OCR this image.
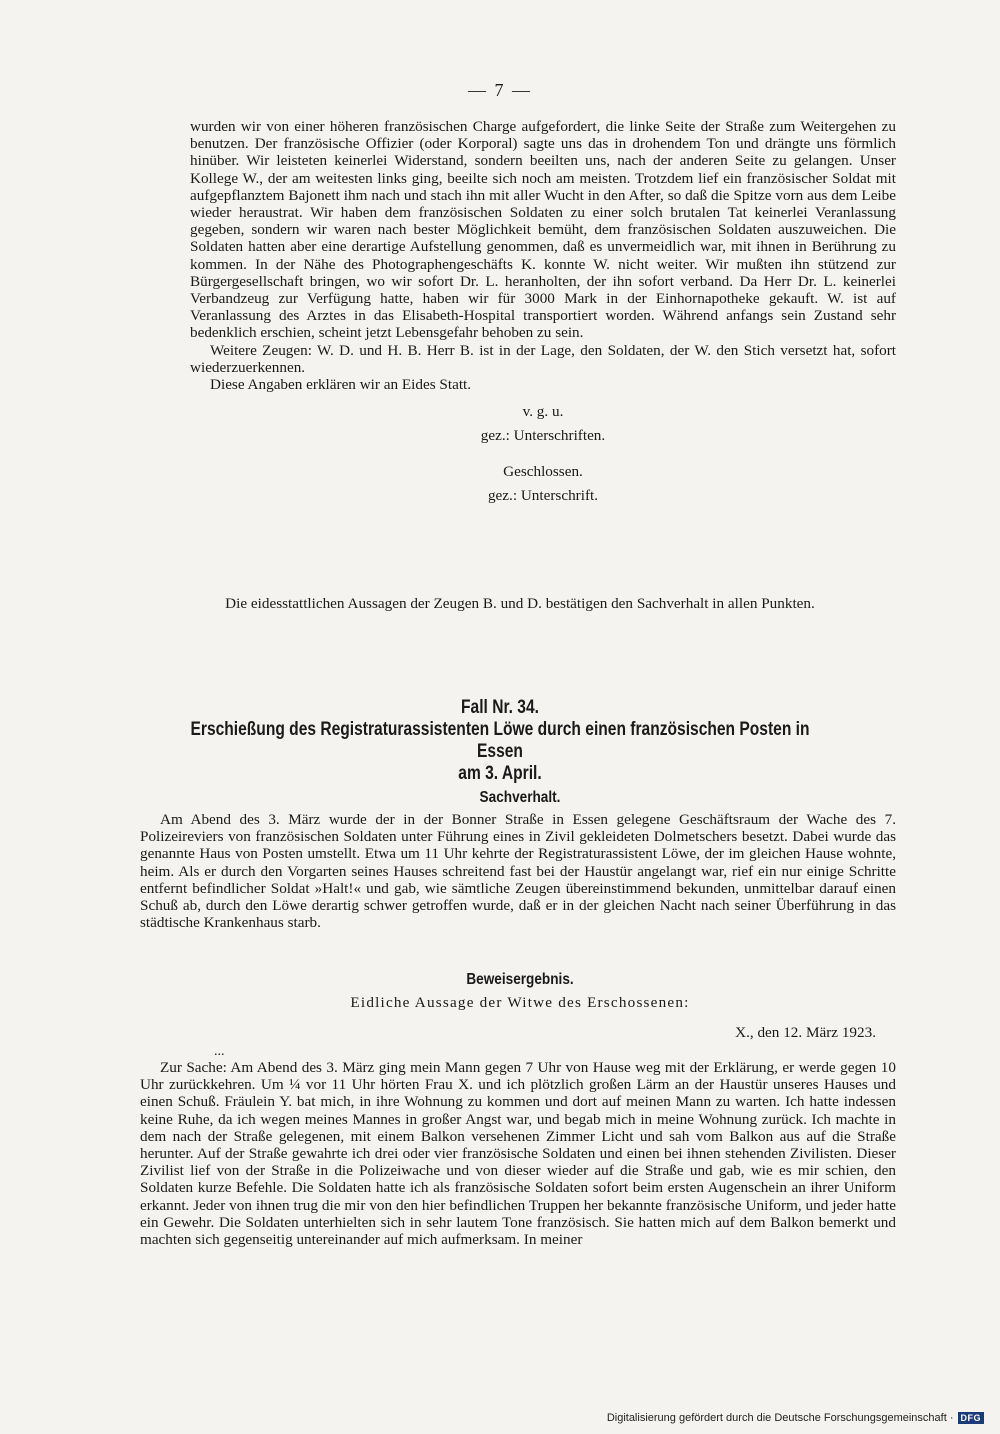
— 7 —

wurden wir von einer höheren französischen Charge aufgefordert, die linke Seite der Straße zum Weitergehen zu benutzen. Der französische Offizier (oder Korporal) sagte uns das in drohendem Ton und drängte uns förmlich hinüber. Wir leisteten keinerlei Widerstand, sondern beeilten uns, nach der anderen Seite zu gelangen. Unser Kollege W., der am weitesten links ging, beeilte sich noch am meisten. Trotzdem lief ein französischer Soldat mit aufgepflanztem Bajonett ihm nach und stach ihn mit aller Wucht in den After, so daß die Spitze vorn aus dem Leibe wieder heraustrat. Wir haben dem französischen Soldaten zu einer solch brutalen Tat keinerlei Veranlassung gegeben, sondern wir waren nach bester Möglichkeit bemüht, dem französischen Soldaten auszuweichen. Die Soldaten hatten aber eine derartige Aufstellung genommen, daß es unvermeidlich war, mit ihnen in Berührung zu kommen. In der Nähe des Photographengeschäfts K. konnte W. nicht weiter. Wir mußten ihn stützend zur Bürgergesellschaft bringen, wo wir sofort Dr. L. heranholten, der ihn sofort verband. Da Herr Dr. L. keinerlei Verbandzeug zur Verfügung hatte, haben wir für 3000 Mark in der Einhornapotheke gekauft. W. ist auf Veranlassung des Arztes in das Elisabeth-Hospital transportiert worden. Während anfangs sein Zustand sehr bedenklich erschien, scheint jetzt Lebensgefahr behoben zu sein.

Weitere Zeugen: W. D. und H. B. Herr B. ist in der Lage, den Soldaten, der W. den Stich versetzt hat, sofort wiederzuerkennen.

Diese Angaben erklären wir an Eides Statt.

v. g. u.

gez.: Unterschriften.

Geschlossen.

gez.: Unterschrift.

Die eidesstattlichen Aussagen der Zeugen B. und D. bestätigen den Sachverhalt in allen Punkten.
Fall Nr. 34.
Erschießung des Registraturassistenten Löwe durch einen französischen Posten in Essen
am 3. April.
Sachverhalt.

Am Abend des 3. März wurde der in der Bonner Straße in Essen gelegene Geschäftsraum der Wache des 7. Polizeireviers von französischen Soldaten unter Führung eines in Zivil gekleideten Dolmetschers besetzt. Dabei wurde das genannte Haus von Posten umstellt. Etwa um 11 Uhr kehrte der Registraturassistent Löwe, der im gleichen Hause wohnte, heim. Als er durch den Vorgarten seines Hauses schreitend fast bei der Haustür angelangt war, rief ein nur einige Schritte entfernt befindlicher Soldat »Halt!« und gab, wie sämtliche Zeugen übereinstimmend bekunden, unmittelbar darauf einen Schuß ab, durch den Löwe derartig schwer getroffen wurde, daß er in der gleichen Nacht nach seiner Überführung in das städtische Krankenhaus starb.

Beweisergebnis.
Eidliche Aussage der Witwe des Erschossenen:
X., den 12. März 1923.
...

Zur Sache: Am Abend des 3. März ging mein Mann gegen 7 Uhr von Hause weg mit der Erklärung, er werde gegen 10 Uhr zurückkehren. Um ¼ vor 11 Uhr hörten Frau X. und ich plötzlich großen Lärm an der Haustür unseres Hauses und einen Schuß. Fräulein Y. bat mich, in ihre Wohnung zu kommen und dort auf meinen Mann zu warten. Ich hatte indessen keine Ruhe, da ich wegen meines Mannes in großer Angst war, und begab mich in meine Wohnung zurück. Ich machte in dem nach der Straße gelegenen, mit einem Balkon versehenen Zimmer Licht und sah vom Balkon aus auf die Straße herunter. Auf der Straße gewahrte ich drei oder vier französische Soldaten und einen bei ihnen stehenden Zivilisten. Dieser Zivilist lief von der Straße in die Polizeiwache und von dieser wieder auf die Straße und gab, wie es mir schien, den Soldaten kurze Befehle. Die Soldaten hatte ich als französische Soldaten sofort beim ersten Augenschein an ihrer Uniform erkannt. Jeder von ihnen trug die mir von den hier befindlichen Truppen her bekannte französische Uniform, und jeder hatte ein Gewehr. Die Soldaten unterhielten sich in sehr lautem Tone französisch. Sie hatten mich auf dem Balkon bemerkt und machten sich gegenseitig untereinander auf mich aufmerksam. In meiner

Digitalisierung gefördert durch die Deutsche Forschungsgemeinschaft · DFG
